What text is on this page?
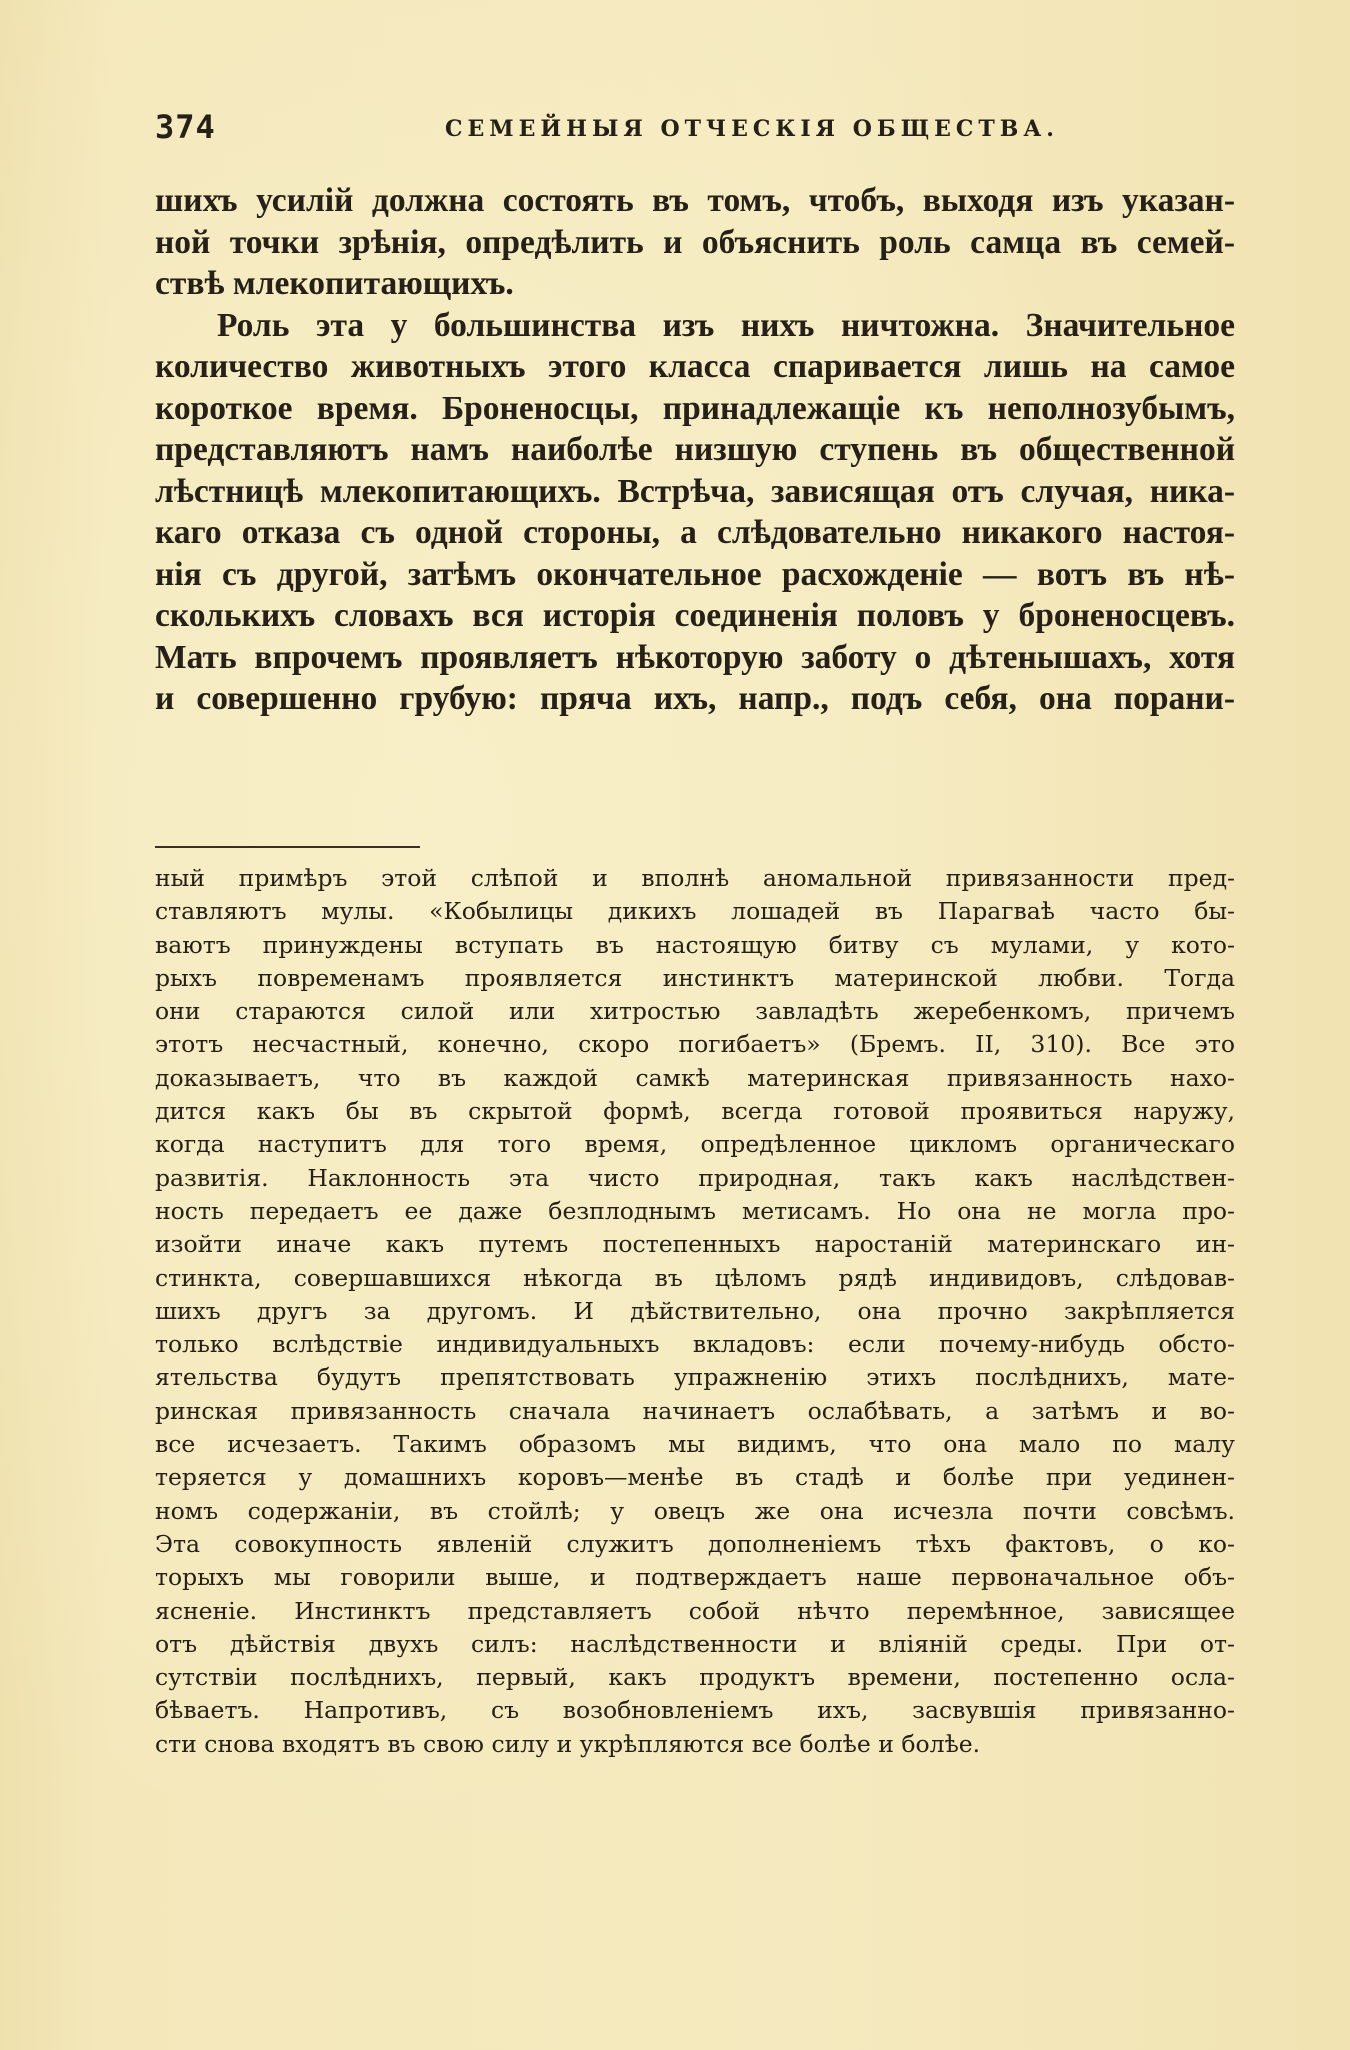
374	СЕМЕЙНЫЯ ОТЧЕСКІЯ ОБЩЕСТВА.
шихъ усилій должна состоять въ томъ, чтобъ, выходя изъ указан-
ной точки зрѣнія, опредѣлить и объяснить роль самца въ семей-
ствѣ млекопитающихъ.
Роль эта у большинства изъ нихъ ничтожна. Значительное
количество животныхъ этого класса спаривается лишь на самое
короткое время. Броненосцы, принадлежащіе къ неполнозубымъ,
представляютъ намъ наиболѣе низшую ступень въ общественной
лѣстницѣ млекопитающихъ. Встрѣча, зависящая отъ случая, ника-
каго отказа съ одной стороны, а слѣдовательно никакого настоя-
нія съ другой, затѣмъ окончательное расхожденіе — вотъ въ нѣ-
сколькихъ словахъ вся исторія соединенія половъ у броненосцевъ.
Мать впрочемъ проявляетъ нѣкоторую заботу о дѣтенышахъ, хотя
и совершенно грубую: пряча ихъ, напр., подъ себя, она порани-
ный примѣръ этой слѣпой и вполнѣ аномальной привязанности пред-
ставляютъ мулы. «Кобылицы дикихъ лошадей въ Парагваѣ часто бы-
ваютъ принуждены вступать въ настоящую битву съ мулами, у кото-
рыхъ повременамъ проявляется инстинктъ материнской любви. Тогда
они стараются силой или хитростью завладѣть жеребенкомъ, причемъ
этотъ несчастный, конечно, скоро погибаетъ» (Бремъ. II, 310). Все это
доказываетъ, что въ каждой самкѣ материнская привязанность нахо-
дится какъ бы въ скрытой формѣ, всегда готовой проявиться наружу,
когда наступитъ для того время, опредѣленное цикломъ органическаго
развитія. Наклонность эта чисто природная, такъ какъ наслѣдствен-
ность передаетъ ее даже безплоднымъ метисамъ. Но она не могла про-
изойти иначе какъ путемъ постепенныхъ наростаній материнскаго ин-
стинкта, совершавшихся нѣкогда въ цѣломъ рядѣ индивидовъ, слѣдовав-
шихъ другъ за другомъ. И дѣйствительно, она прочно закрѣпляется
только вслѣдствіе индивидуальныхъ вкладовъ: если почему-нибудь обсто-
ятельства будутъ препятствовать упражненію этихъ послѣднихъ, мате-
ринская привязанность сначала начинаетъ ослабѣвать, а затѣмъ и во-
все исчезаетъ. Такимъ образомъ мы видимъ, что она мало по малу
теряется у домашнихъ коровъ—менѣе въ стадѣ и болѣе при уединен-
номъ содержаніи, въ стойлѣ; у овецъ же она исчезла почти совсѣмъ.
Эта совокупность явленій служитъ дополненіемъ тѣхъ фактовъ, о ко-
торыхъ мы говорили выше, и подтверждаетъ наше первоначальное объ-
ясненіе. Инстинктъ представляетъ собой нѣчто перемѣнное, зависящее
отъ дѣйствія двухъ силъ: наслѣдственности и вліяній среды. При от-
сутствіи послѣднихъ, первый, какъ продуктъ времени, постепенно осла-
бѣваетъ. Напротивъ, съ возобновленіемъ ихъ, засвувшія привязанно-
сти снова входятъ въ свою силу и укрѣпляются все болѣе и болѣе.
